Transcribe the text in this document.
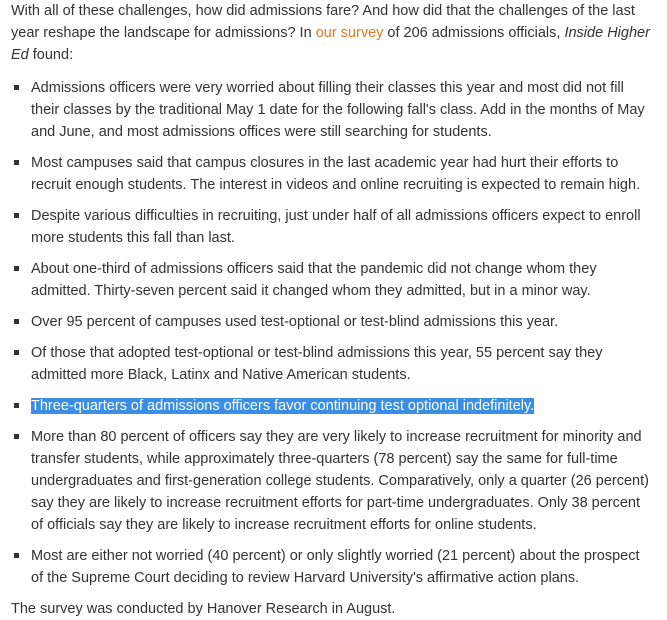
With all of these challenges, how did admissions fare? And how did that the challenges of the last year reshape the landscape for admissions? In our survey of 206 admissions officials, Inside Higher Ed found:

Admissions officers were very worried about filling their classes this year and most did not fill their classes by the traditional May 1 date for the following fall's class. Add in the months of May and June, and most admissions offices were still searching for students.
Most campuses said that campus closures in the last academic year had hurt their efforts to recruit enough students. The interest in videos and online recruiting is expected to remain high.
Despite various difficulties in recruiting, just under half of all admissions officers expect to enroll more students this fall than last.
About one-third of admissions officers said that the pandemic did not change whom they admitted. Thirty-seven percent said it changed whom they admitted, but in a minor way.
Over 95 percent of campuses used test-optional or test-blind admissions this year.
Of those that adopted test-optional or test-blind admissions this year, 55 percent say they admitted more Black, Latinx and Native American students.
Three-quarters of admissions officers favor continuing test optional indefinitely.
More than 80 percent of officers say they are very likely to increase recruitment for minority and transfer students, while approximately three-quarters (78 percent) say the same for full-time undergraduates and first-generation college students. Comparatively, only a quarter (26 percent) say they are likely to increase recruitment efforts for part-time undergraduates. Only 38 percent of officials say they are likely to increase recruitment efforts for online students.
Most are either not worried (40 percent) or only slightly worried (21 percent) about the prospect of the Supreme Court deciding to review Harvard University's affirmative action plans.

The survey was conducted by Hanover Research in August.
